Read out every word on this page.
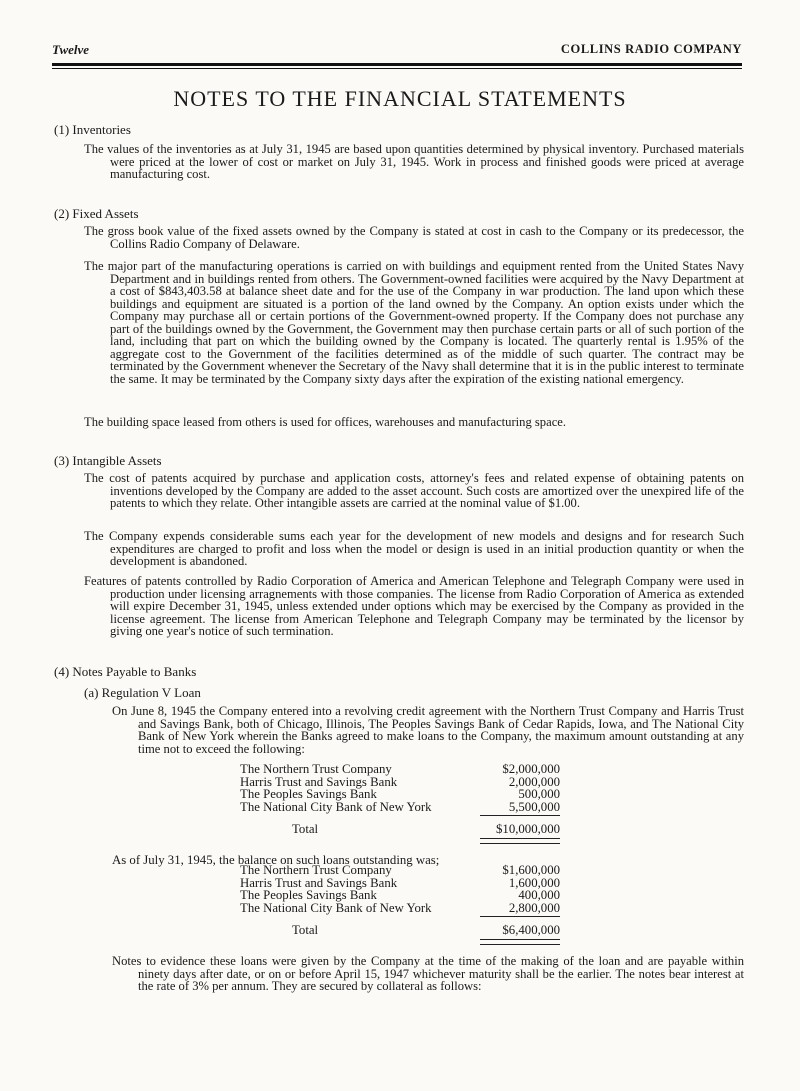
Twelve	COLLINS RADIO COMPANY
NOTES TO THE FINANCIAL STATEMENTS
(1) Inventories
The values of the inventories as at July 31, 1945 are based upon quantities determined by physical inventory. Purchased materials were priced at the lower of cost or market on July 31, 1945. Work in process and finished goods were priced at average manufacturing cost.
(2) Fixed Assets
The gross book value of the fixed assets owned by the Company is stated at cost in cash to the Company or its predecessor, the Collins Radio Company of Delaware.
The major part of the manufacturing operations is carried on with buildings and equipment rented from the United States Navy Department and in buildings rented from others. The Government-owned facilities were acquired by the Navy Department at a cost of $843,403.58 at balance sheet date and for the use of the Company in war production. The land upon which these buildings and equipment are situated is a portion of the land owned by the Company. An option exists under which the Company may purchase all or certain portions of the Government-owned property. If the Company does not purchase any part of the buildings owned by the Government, the Government may then purchase certain parts or all of such portion of the land, including that part on which the building owned by the Company is located. The quarterly rental is 1.95% of the aggregate cost to the Government of the facilities determined as of the middle of such quarter. The contract may be terminated by the Government whenever the Secretary of the Navy shall determine that it is in the public interest to terminate the same. It may be terminated by the Company sixty days after the expiration of the existing national emergency.
The building space leased from others is used for offices, warehouses and manufacturing space.
(3) Intangible Assets
The cost of patents acquired by purchase and application costs, attorney's fees and related expense of obtaining patents on inventions developed by the Company are added to the asset account. Such costs are amortized over the unexpired life of the patents to which they relate. Other intangible assets are carried at the nominal value of $1.00.
The Company expends considerable sums each year for the development of new models and designs and for research Such expenditures are charged to profit and loss when the model or design is used in an initial production quantity or when the development is abandoned.
Features of patents controlled by Radio Corporation of America and American Telephone and Telegraph Company were used in production under licensing arragnements with those companies. The license from Radio Corporation of America as extended will expire December 31, 1945, unless extended under options which may be exercised by the Company as provided in the license agreement. The license from American Telephone and Telegraph Company may be terminated by the licensor by giving one year's notice of such termination.
(4) Notes Payable to Banks
(a) Regulation V Loan
On June 8, 1945 the Company entered into a revolving credit agreement with the Northern Trust Company and Harris Trust and Savings Bank, both of Chicago, Illinois, The Peoples Savings Bank of Cedar Rapids, Iowa, and The National City Bank of New York wherein the Banks agreed to make loans to the Company, the maximum amount outstanding at any time not to exceed the following:
The Northern Trust Company	$2,000,000
Harris Trust and Savings Bank	2,000,000
The Peoples Savings Bank	500,000
The National City Bank of New York	5,500,000
Total	$10,000,000
As of July 31, 1945, the balance on such loans outstanding was;
The Northern Trust Company	$1,600,000
Harris Trust and Savings Bank	1,600,000
The Peoples Savings Bank	400,000
The National City Bank of New York	2,800,000
Total	$6,400,000
Notes to evidence these loans were given by the Company at the time of the making of the loan and are payable within ninety days after date, or on or before April 15, 1947 whichever maturity shall be the earlier. The notes bear interest at the rate of 3% per annum. They are secured by collateral as follows:
